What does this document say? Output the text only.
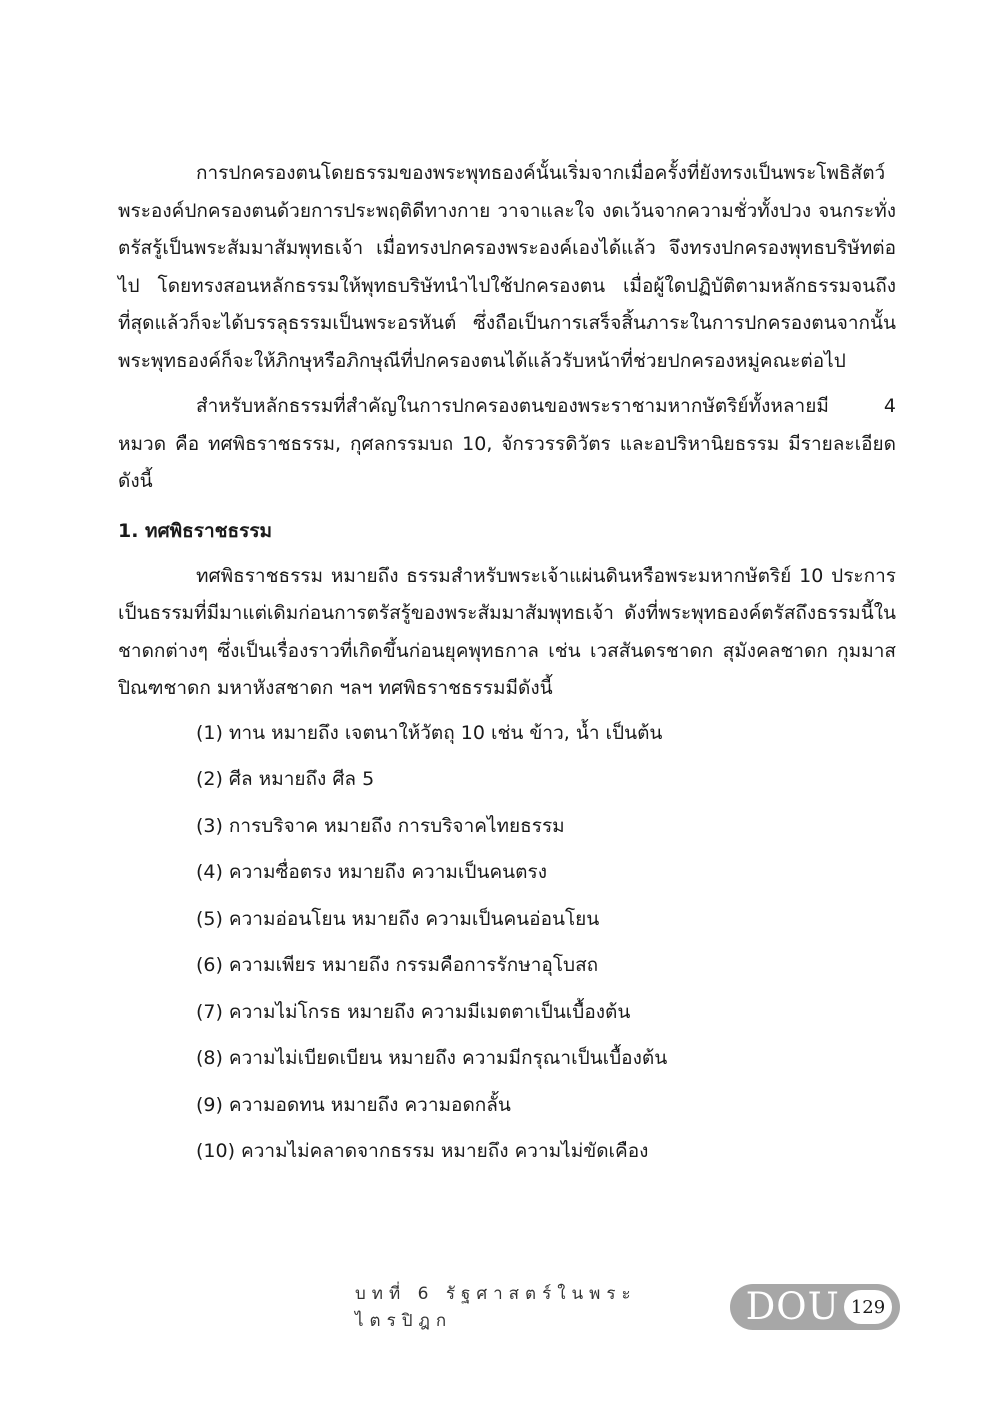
การปกครองตนโดยธรรมของพระพุทธองค์นั้นเริ่มจากเมื่อครั้งที่ยังทรงเป็นพระโพธิสัตว์ พระองค์ปกครองตนด้วยการประพฤติดีทางกาย วาจาและใจ งดเว้นจากความชั่วทั้งปวง จนกระทั่งตรัสรู้เป็นพระสัมมาสัมพุทธเจ้า เมื่อทรงปกครองพระองค์เองได้แล้ว จึงทรงปกครองพุทธบริษัทต่อไป โดยทรงสอนหลักธรรมให้พุทธบริษัทนำไปใช้ปกครองตน เมื่อผู้ใดปฏิบัติตามหลักธรรมจนถึงที่สุดแล้วก็จะได้บรรลุธรรมเป็นพระอรหันต์ ซึ่งถือเป็นการเสร็จสิ้นภาระในการปกครองตนจากนั้นพระพุทธองค์ก็จะให้ภิกษุหรือภิกษุณีที่ปกครองตนได้แล้วรับหน้าที่ช่วยปกครองหมู่คณะต่อไป

สำหรับหลักธรรมที่สำคัญในการปกครองตนของพระราชามหากษัตริย์ทั้งหลายมี 4 หมวด คือ ทศพิธราชธรรม, กุศลกรรมบถ 10, จักรวรรดิวัตร และอปริหานิยธรรม มีรายละเอียดดังนี้

1. ทศพิธราชธรรม

ทศพิธราชธรรม หมายถึง ธรรมสำหรับพระเจ้าแผ่นดินหรือพระมหากษัตริย์ 10 ประการ เป็นธรรมที่มีมาแต่เดิมก่อนการตรัสรู้ของพระสัมมาสัมพุทธเจ้า ดังที่พระพุทธองค์ตรัสถึงธรรมนี้ในชาดกต่างๆ ซึ่งเป็นเรื่องราวที่เกิดขึ้นก่อนยุคพุทธกาล เช่น เวสสันดรชาดก สุมังคลชาดก กุมมาสปิณฑชาดก มหาหังสชาดก ฯลฯ ทศพิธราชธรรมมีดังนี้

(1) ทาน หมายถึง เจตนาให้วัตถุ 10 เช่น ข้าว, น้ำ เป็นต้น
(2) ศีล หมายถึง ศีล 5
(3) การบริจาค หมายถึง การบริจาคไทยธรรม
(4) ความซื่อตรง หมายถึง ความเป็นคนตรง
(5) ความอ่อนโยน หมายถึง ความเป็นคนอ่อนโยน
(6) ความเพียร หมายถึง กรรมคือการรักษาอุโบสถ
(7) ความไม่โกรธ หมายถึง ความมีเมตตาเป็นเบื้องต้น
(8) ความไม่เบียดเบียน หมายถึง ความมีกรุณาเป็นเบื้องต้น
(9) ความอดทน หมายถึง ความอดกลั้น
(10) ความไม่คลาดจากธรรม หมายถึง ความไม่ขัดเคือง
บทที่ 6 รัฐศาสตร์ในพระไตรปิฎก	DOU 129
